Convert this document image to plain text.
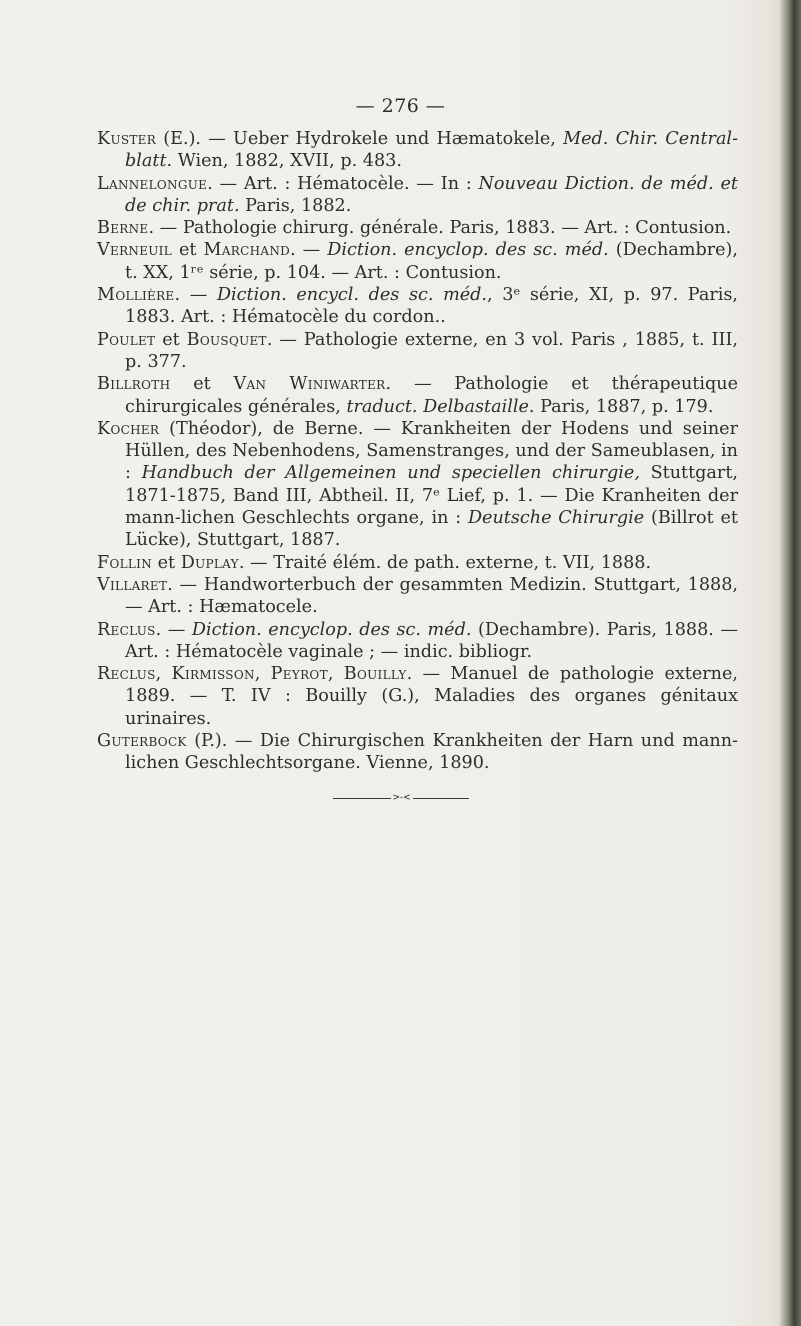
— 276 —

Kuster (E.). — Ueber Hydrokele und Hæmatokele, Med. Chir. Central-blatt. Wien, 1882, XVII, p. 483.

Lannelongue. — Art. : Hématocèle. — In : Nouveau Diction. de méd. et de chir. prat. Paris, 1882.

Berne. — Pathologie chirurg. générale. Paris, 1883. — Art. : Contusion.

Verneuil et Marchand. — Diction. encyclop. des sc. méd. (Dechambre), t. XX, 1ʳᵉ série, p. 104. — Art. : Contusion.

Mollière. — Diction. encycl. des sc. méd., 3ᵉ série, XI, p. 97. Paris, 1883. Art. : Hématocèle du cordon..

Poulet et Bousquet. — Pathologie externe, en 3 vol. Paris , 1885, t. III, p. 377.

Billroth et Van Winiwarter. — Pathologie et thérapeutique chirurgicales générales, traduct. Delbastaille. Paris, 1887, p. 179.

Kocher (Théodor), de Berne. — Krankheiten der Hodens und seiner Hüllen, des Nebenhodens, Samenstranges, und der Sameublasen, in : Handbuch der Allgemeinen und speciellen chirurgie, Stuttgart, 1871-1875, Band III, Abtheil. II, 7ᵉ Lief, p. 1. — Die Kranheiten der mann-lichen Geschlechts organe, in : Deutsche Chirurgie (Billrot et Lücke), Stuttgart, 1887.

Follin et Duplay. — Traité élém. de path. externe, t. VII, 1888.

Villaret. — Handworterbuch der gesammten Medizin. Stuttgart, 1888, — Art. : Hæmatocele.

Reclus. — Diction. encyclop. des sc. méd. (Dechambre). Paris, 1888. — Art. : Hématocèle vaginale ; — indic. bibliogr.

Reclus, Kirmisson, Peyrot, Bouilly. — Manuel de pathologie externe, 1889. — T. IV : Bouilly (G.), Maladies des organes génitaux urinaires.

Guterbock (P.). — Die Chirurgischen Krankheiten der Harn und mann-lichen Geschlechtsorgane. Vienne, 1890.

>-<
